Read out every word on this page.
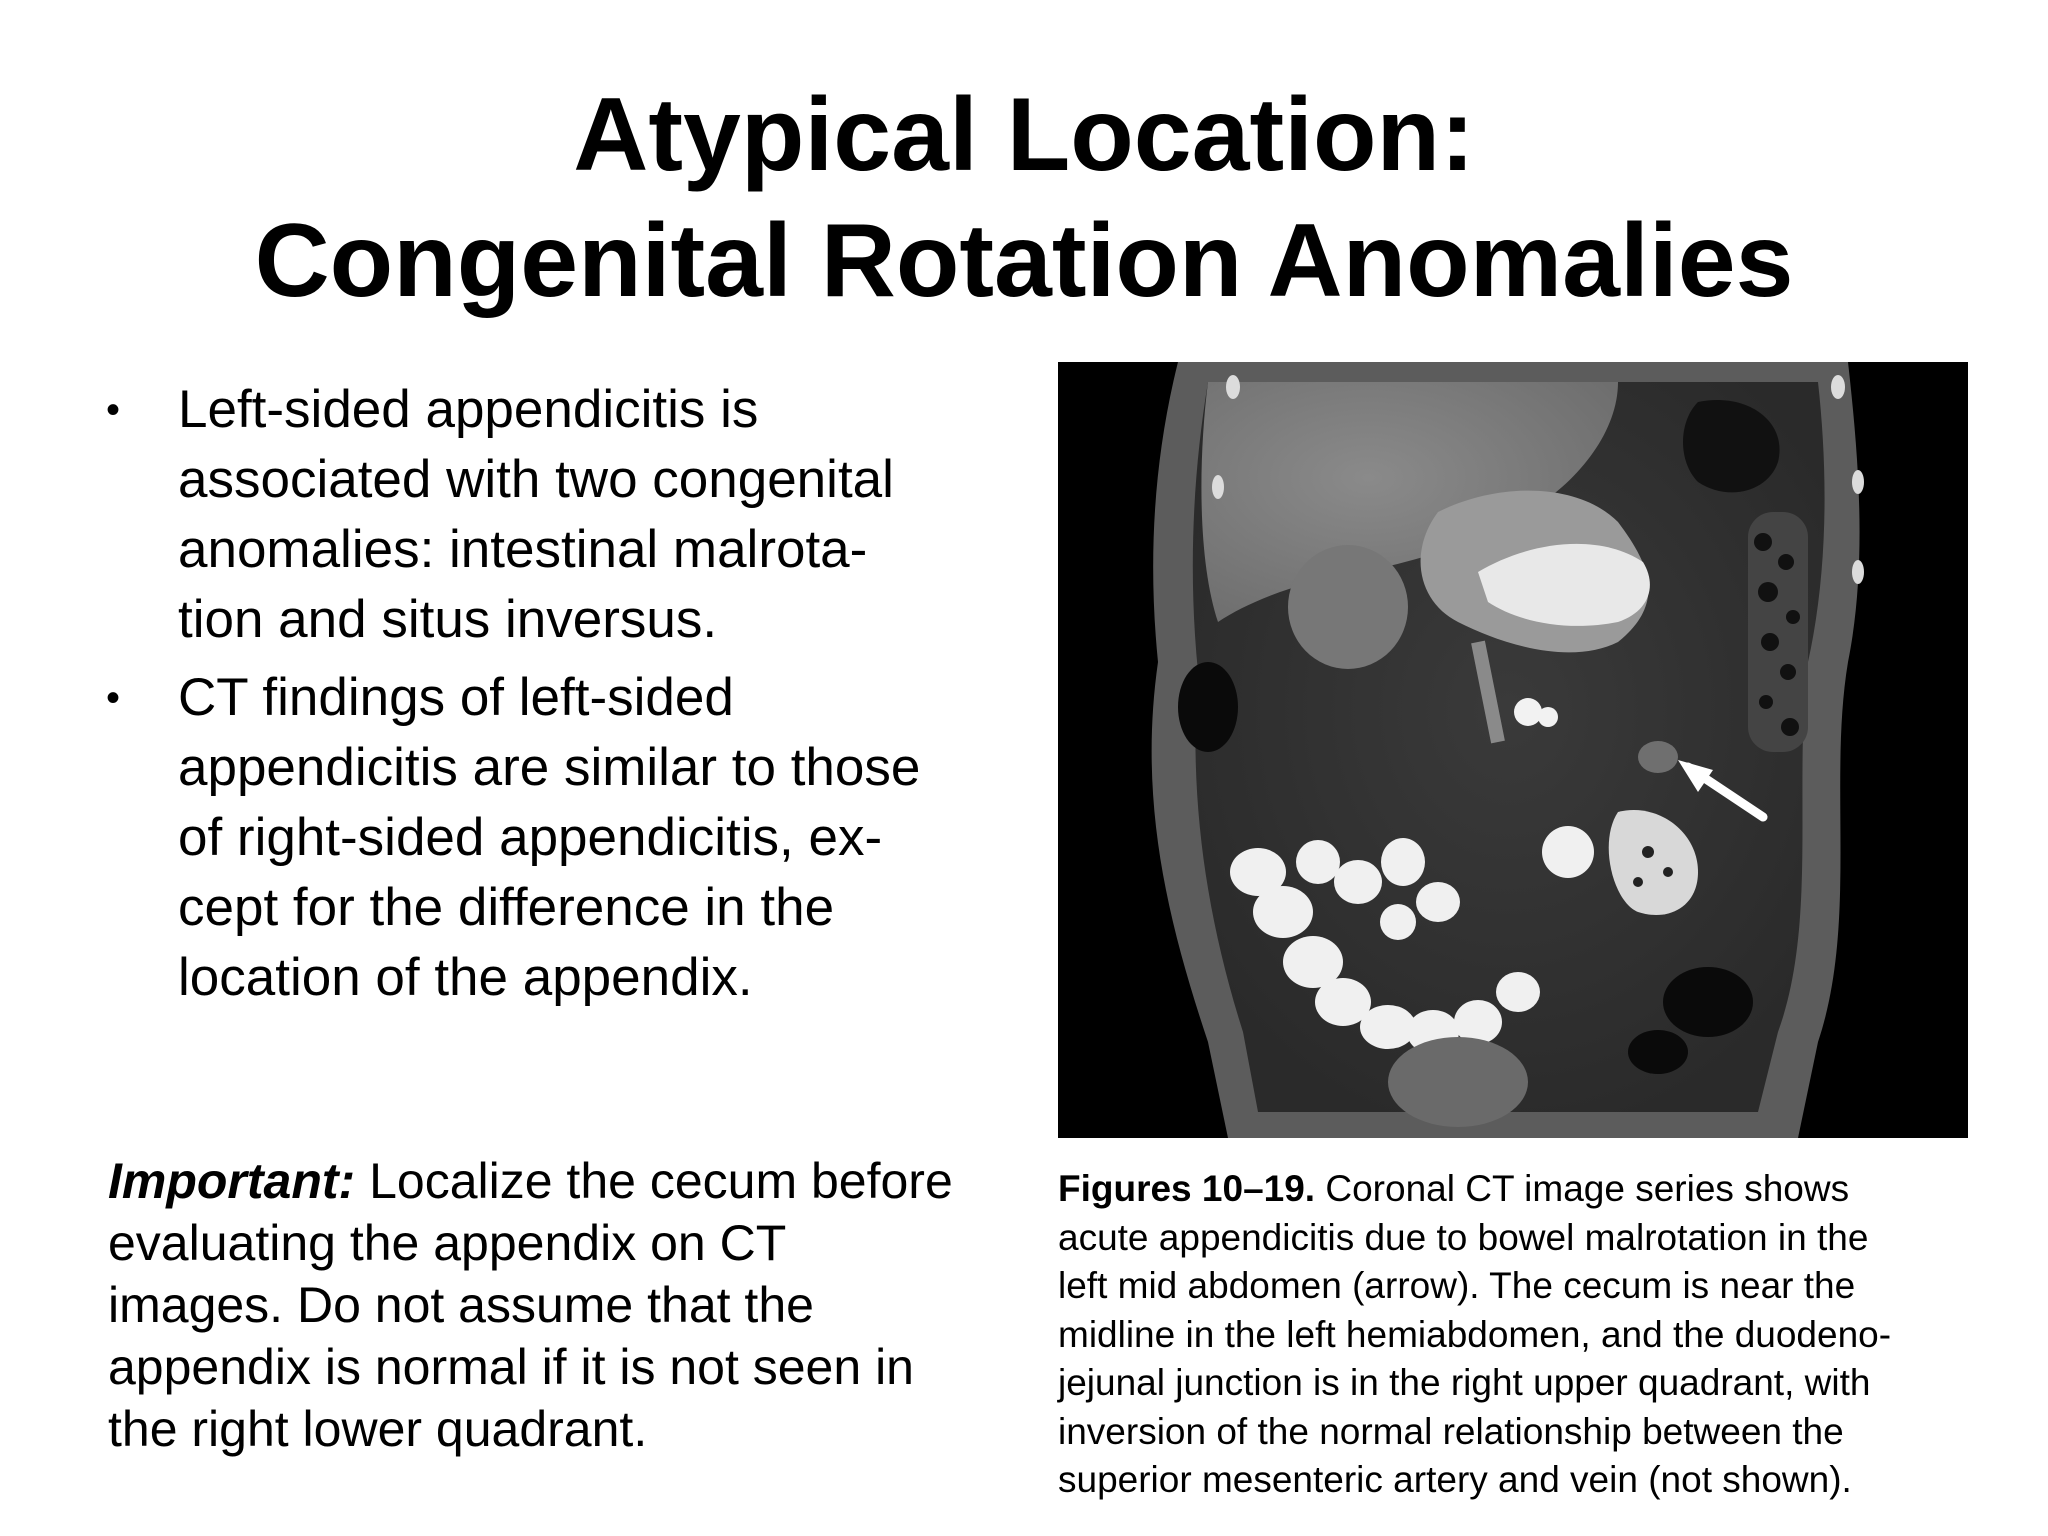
Atypical Location:
Congenital Rotation Anomalies
• Left-sided appendicitis is
associated with two congenital
anomalies: intestinal malrota-
tion and situs inversus.
• CT findings of left-sided
appendicitis are similar to those
of right-sided appendicitis, ex-
cept for the difference in the
location of the appendix.
Important: Localize the cecum before
evaluating the appendix on CT
images. Do not assume that the
appendix is normal if it is not seen in
the right lower quadrant.
Figures 10–19. Coronal CT image series shows
acute appendicitis due to bowel malrotation in the
left mid abdomen (arrow). The cecum is near the
midline in the left hemiabdomen, and the duodeno-
jejunal junction is in the right upper quadrant, with
inversion of the normal relationship between the
superior mesenteric artery and vein (not shown).
